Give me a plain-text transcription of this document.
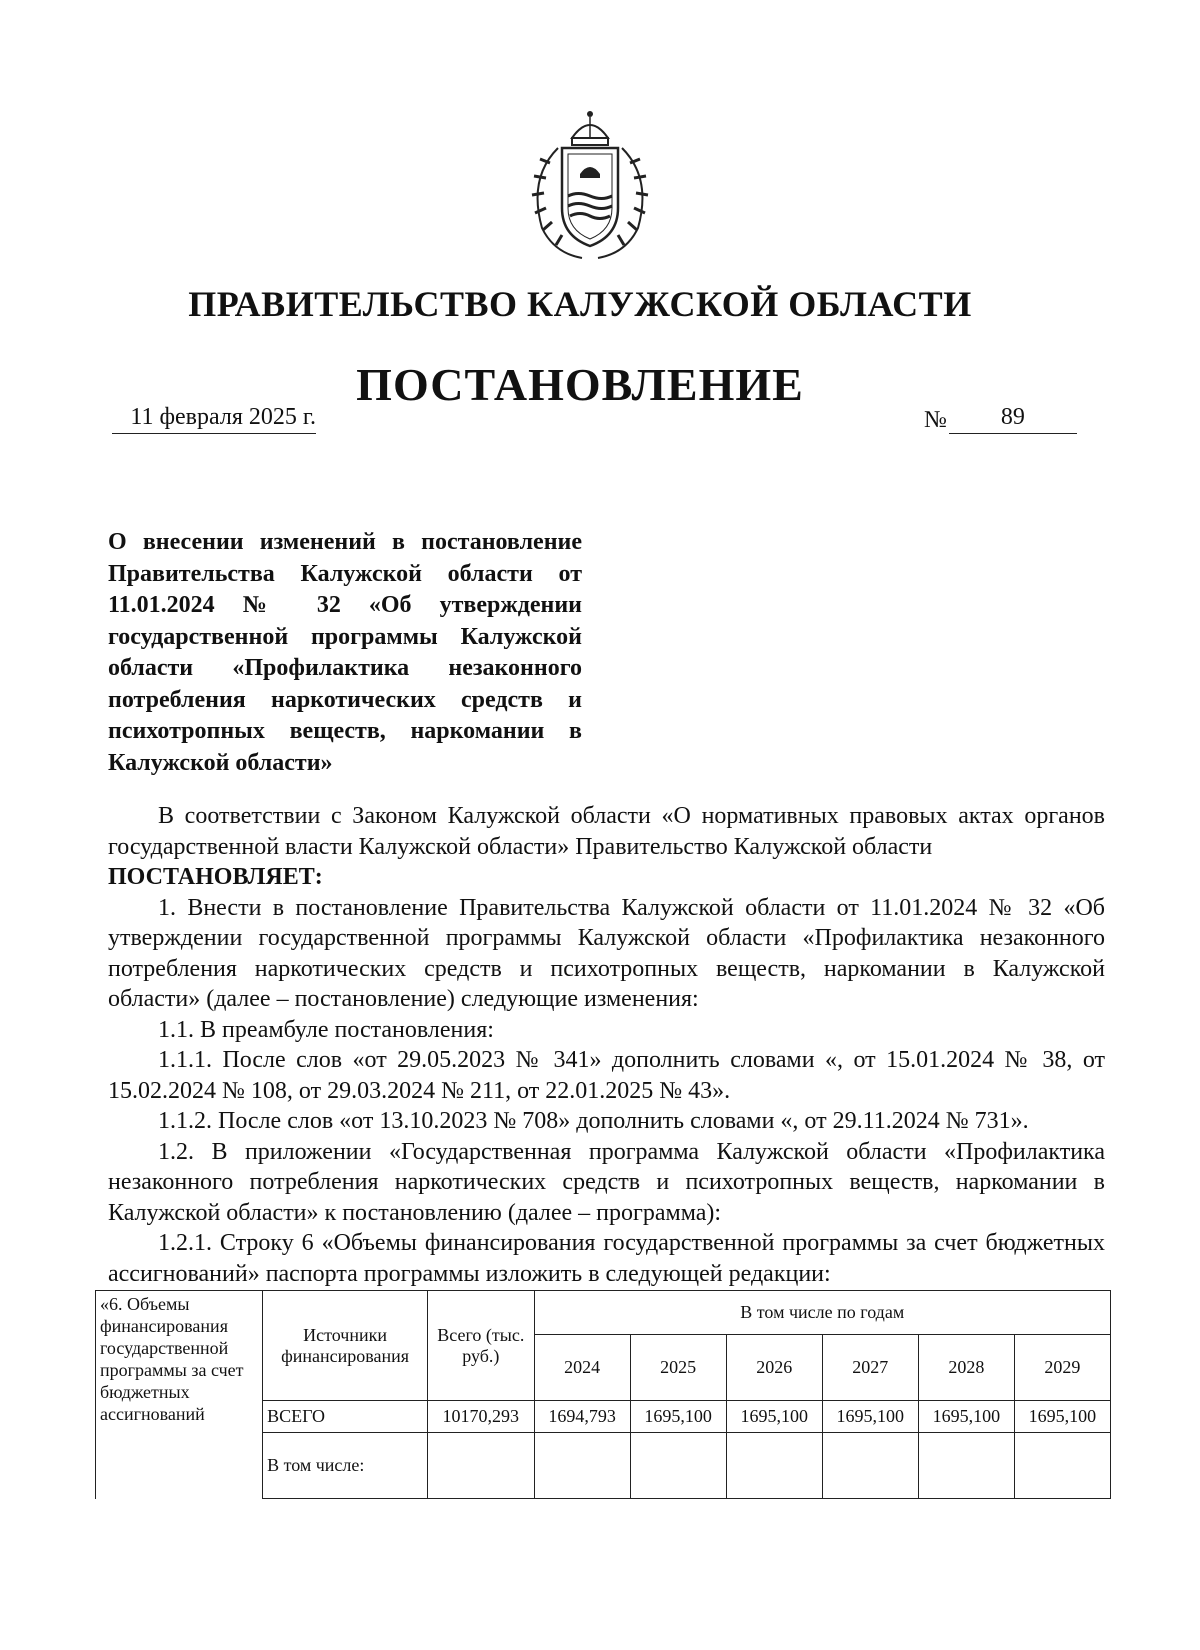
ПРАВИТЕЛЬСТВО КАЛУЖСКОЙ ОБЛАСТИ
ПОСТАНОВЛЕНИЕ
11 февраля 2025 г.	№	89
О внесении изменений в постановление Правительства Калужской области от 11.01.2024 № 32 «Об утверждении государственной программы Калужской области «Профилактика незаконного потребления наркотических средств и психотропных веществ, наркомании в Калужской области»

В соответствии с Законом Калужской области «О нормативных правовых актах органов государственной власти Калужской области» Правительство Калужской области

ПОСТАНОВЛЯЕТ:

1. Внести в постановление Правительства Калужской области от 11.01.2024 № 32 «Об утверждении государственной программы Калужской области «Профилактика незаконного потребления наркотических средств и психотропных веществ, наркомании в Калужской области» (далее – постановление) следующие изменения:

1.1. В преамбуле постановления:

1.1.1. После слов «от 29.05.2023 № 341» дополнить словами «, от 15.01.2024 № 38, от 15.02.2024 № 108, от 29.03.2024 № 211, от 22.01.2025 № 43».

1.1.2. После слов «от 13.10.2023 № 708» дополнить словами «, от 29.11.2024 № 731».

1.2. В приложении «Государственная программа Калужской области «Профилактика незаконного потребления наркотических средств и психотропных веществ, наркомании в Калужской области» к постановлению (далее – программа):

1.2.1. Строку 6 «Объемы финансирования государственной программы за счет бюджетных ассигнований» паспорта программы изложить в следующей редакции:

«6. Объемы финансирования государственной программы за счет бюджетных ассигнований	Источники финансирования	Всего (тыс. руб.)	В том числе по годам					
			2024	2025	2026	2027	2028	2029
	ВСЕГО	10170,293	1694,793	1695,100	1695,100	1695,100	1695,100	1695,100
	В том числе:							
